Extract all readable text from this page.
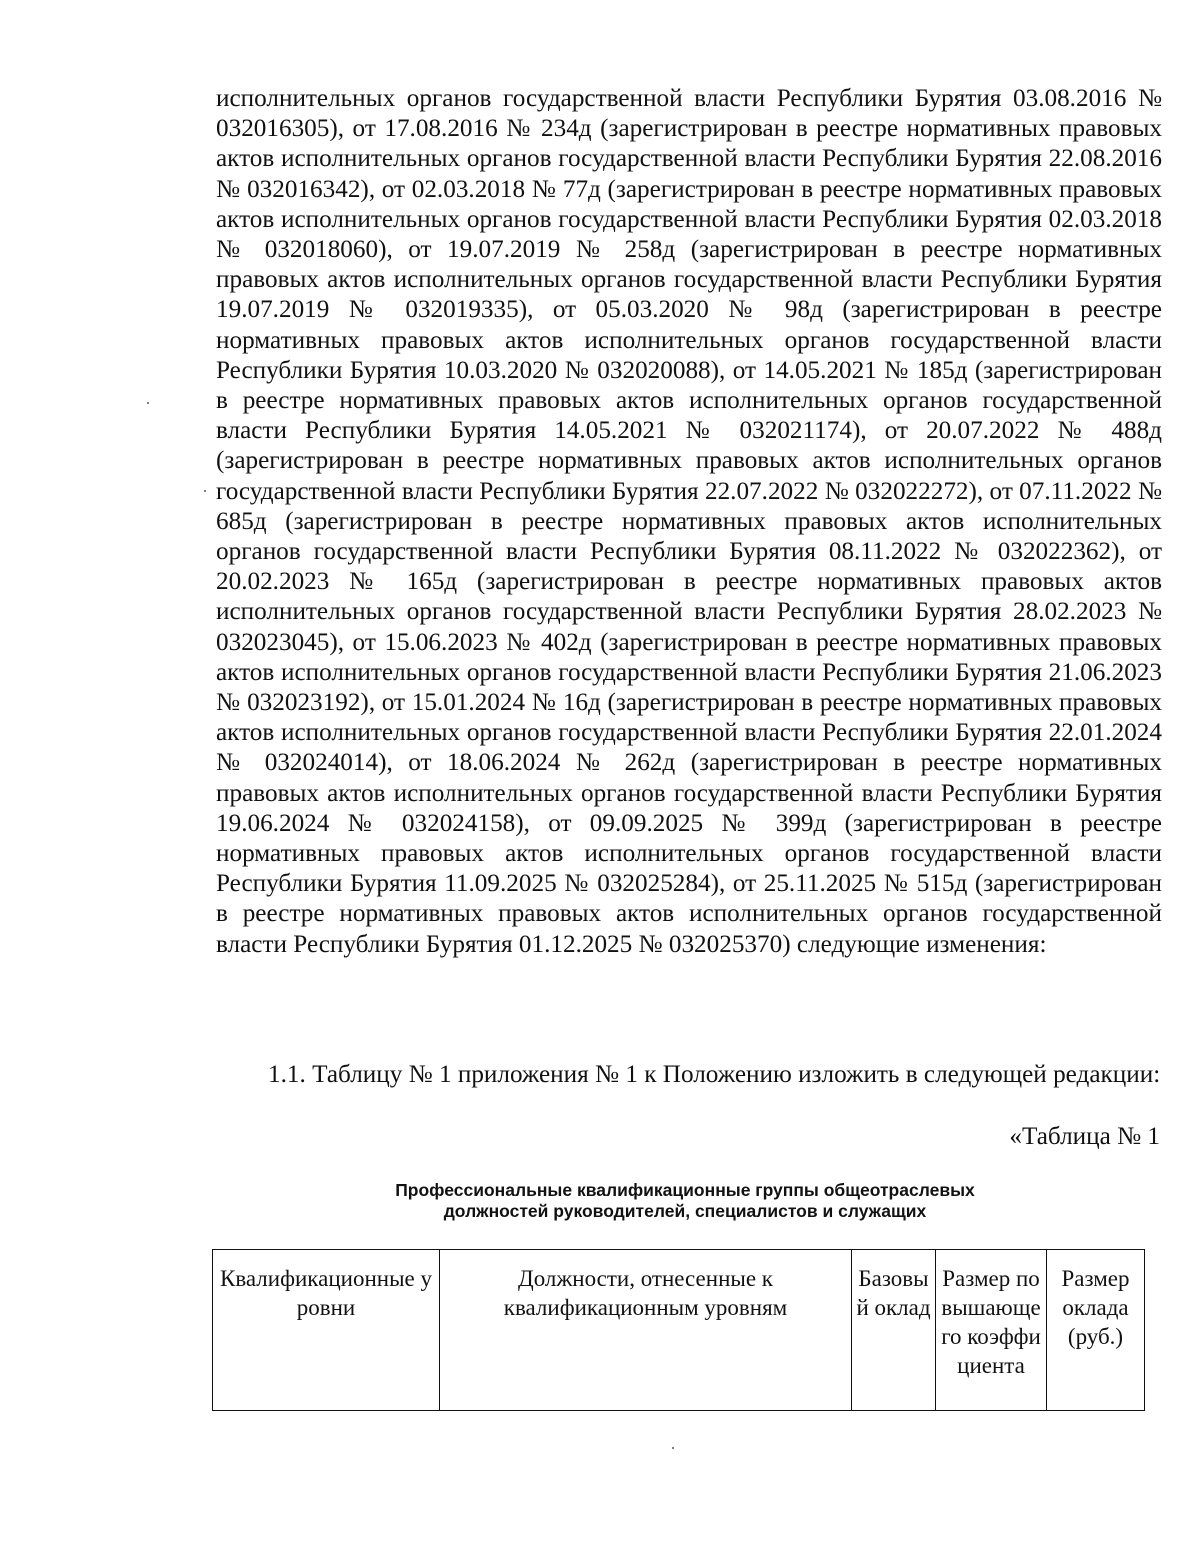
исполнительных органов государственной власти Республики Бурятия 03.08.2016 № 032016305), от 17.08.2016 № 234д (зарегистрирован в реестре нормативных правовых актов исполнительных органов государственной власти Республики Бурятия 22.08.2016 № 032016342), от 02.03.2018 № 77д (зарегистрирован в реестре нормативных правовых актов исполнительных органов государственной власти Республики Бурятия 02.03.2018 № 032018060), от 19.07.2019 № 258д (зарегистрирован в реестре нормативных правовых актов исполнительных органов государственной власти Республики Бурятия 19.07.2019 № 032019335), от 05.03.2020 № 98д (зарегистрирован в реестре нормативных правовых актов исполнительных органов государственной власти Республики Бурятия 10.03.2020 № 032020088), от 14.05.2021 № 185д (зарегистрирован в реестре нормативных правовых актов исполнительных органов государственной власти Республики Бурятия 14.05.2021 № 032021174), от 20.07.2022 № 488д (зарегистрирован в реестре нормативных правовых актов исполнительных органов государственной власти Республики Бурятия 22.07.2022 № 032022272), от 07.11.2022 № 685д (зарегистрирован в реестре нормативных правовых актов исполнительных органов государственной власти Республики Бурятия 08.11.2022 № 032022362), от 20.02.2023 № 165д (зарегистрирован в реестре нормативных правовых актов исполнительных органов государственной власти Республики Бурятия 28.02.2023 № 032023045), от 15.06.2023 № 402д (зарегистрирован в реестре нормативных правовых актов исполнительных органов государственной власти Республики Бурятия 21.06.2023 № 032023192), от 15.01.2024 № 16д (зарегистрирован в реестре нормативных правовых актов исполнительных органов государственной власти Республики Бурятия 22.01.2024 № 032024014), от 18.06.2024 № 262д (зарегистрирован в реестре нормативных правовых актов исполнительных органов государственной власти Республики Бурятия 19.06.2024 № 032024158), от 09.09.2025 № 399д (зарегистрирован в реестре нормативных правовых актов исполнительных органов государственной власти Республики Бурятия 11.09.2025 № 032025284), от 25.11.2025 № 515д (зарегистрирован в реестре нормативных правовых актов исполнительных органов государственной власти Республики Бурятия 01.12.2025 № 032025370) следующие изменения:

1.1. Таблицу № 1 приложения № 1 к Положению изложить в следующей редакции:

«Таблица № 1

Профессиональные квалификационные группы общеотраслевых
должностей руководителей, специалистов и служащих
Квалификационные уровни	Должности, отнесенные к квалификационным уровням	Базовый оклад	Размер повышающего коэффициента	Размер оклада (руб.)
